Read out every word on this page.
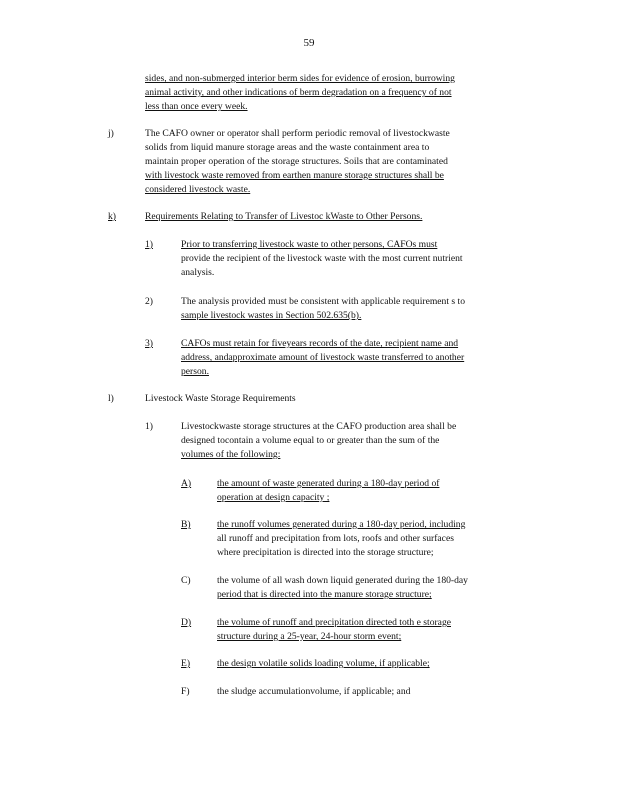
59
sides, and non-submerged interior berm sides for evidence of erosion, burrowing
animal activity, and other indications of berm degradation on a frequency of not
less than once every week.
j)	The CAFO owner or operator shall perform periodic removal of livestockwaste
solids from liquid manure storage areas and the waste containment area to
maintain proper operation of the storage structures. Soils that are contaminated
with livestock waste removed from earthen manure storage structures shall be
considered livestock waste.
k)	Requirements Relating to Transfer of Livestoc kWaste to Other Persons.
1)	Prior to transferring livestock waste to other persons, CAFOs must
provide the recipient of the livestock waste with the most current nutrient
analysis.
2)	The analysis provided must be consistent with applicable requirement s to
sample livestock wastes in Section 502.635(b).
3)	CAFOs must retain for fiveyears records of the date, recipient name and
address, andapproximate amount of livestock waste transferred to another
person.
l)	Livestock Waste Storage Requirements
1)	Livestockwaste storage structures at the CAFO production area shall be
designed tocontain a volume equal to or greater than the sum of the
volumes of the following:
A)	the amount of waste generated during a 180-day period of
operation at design capacity ;
B)	the runoff volumes generated during a 180-day period, including
all runoff and precipitation from lots, roofs and other surfaces
where precipitation is directed into the storage structure;
C)	the volume of all wash down liquid generated during the 180-day
period that is directed into the manure storage structure;
D)	the volume of runoff and precipitation directed toth e storage
structure during a 25-year, 24-hour storm event;
E)	the design volatile solids loading volume, if applicable;
F)	the sludge accumulationvolume, if applicable; and
